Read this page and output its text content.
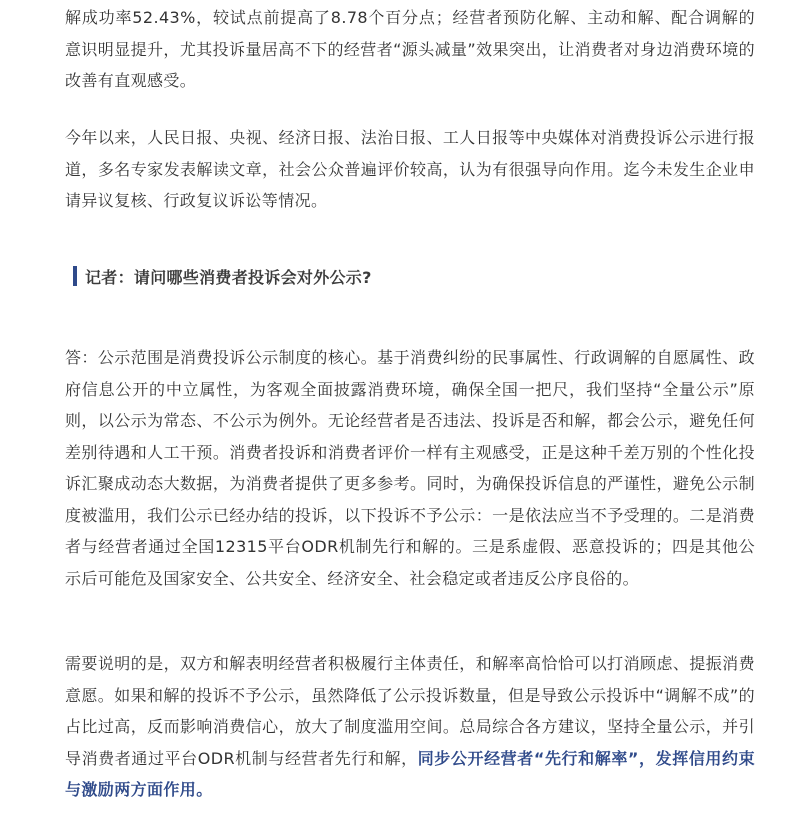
解成功率52.43%，较试点前提高了8.78个百分点；经营者预防化解、主动和解、配合调解的意识明显提升，尤其投诉量居高不下的经营者“源头减量”效果突出，让消费者对身边消费环境的改善有直观感受。

今年以来，人民日报、央视、经济日报、法治日报、工人日报等中央媒体对消费投诉公示进行报道，多名专家发表解读文章，社会公众普遍评价较高，认为有很强导向作用。迄今未发生企业申请异议复核、行政复议诉讼等情况。

记者：请问哪些消费者投诉会对外公示?

答：公示范围是消费投诉公示制度的核心。基于消费纠纷的民事属性、行政调解的自愿属性、政府信息公开的中立属性，为客观全面披露消费环境，确保全国一把尺，我们坚持“全量公示”原则，以公示为常态、不公示为例外。无论经营者是否违法、投诉是否和解，都会公示，避免任何差别待遇和人工干预。消费者投诉和消费者评价一样有主观感受，正是这种千差万别的个性化投诉汇聚成动态大数据，为消费者提供了更多参考。同时，为确保投诉信息的严谨性，避免公示制度被滥用，我们公示已经办结的投诉，以下投诉不予公示：一是依法应当不予受理的。二是消费者与经营者通过全国12315平台ODR机制先行和解的。三是系虚假、恶意投诉的；四是其他公示后可能危及国家安全、公共安全、经济安全、社会稳定或者违反公序良俗的。

需要说明的是，双方和解表明经营者积极履行主体责任，和解率高恰恰可以打消顾虑、提振消费意愿。如果和解的投诉不予公示，虽然降低了公示投诉数量，但是导致公示投诉中“调解不成”的占比过高，反而影响消费信心，放大了制度滥用空间。总局综合各方建议，坚持全量公示，并引导消费者通过平台ODR机制与经营者先行和解，同步公开经营者“先行和解率”，发挥信用约束与激励两方面作用。
